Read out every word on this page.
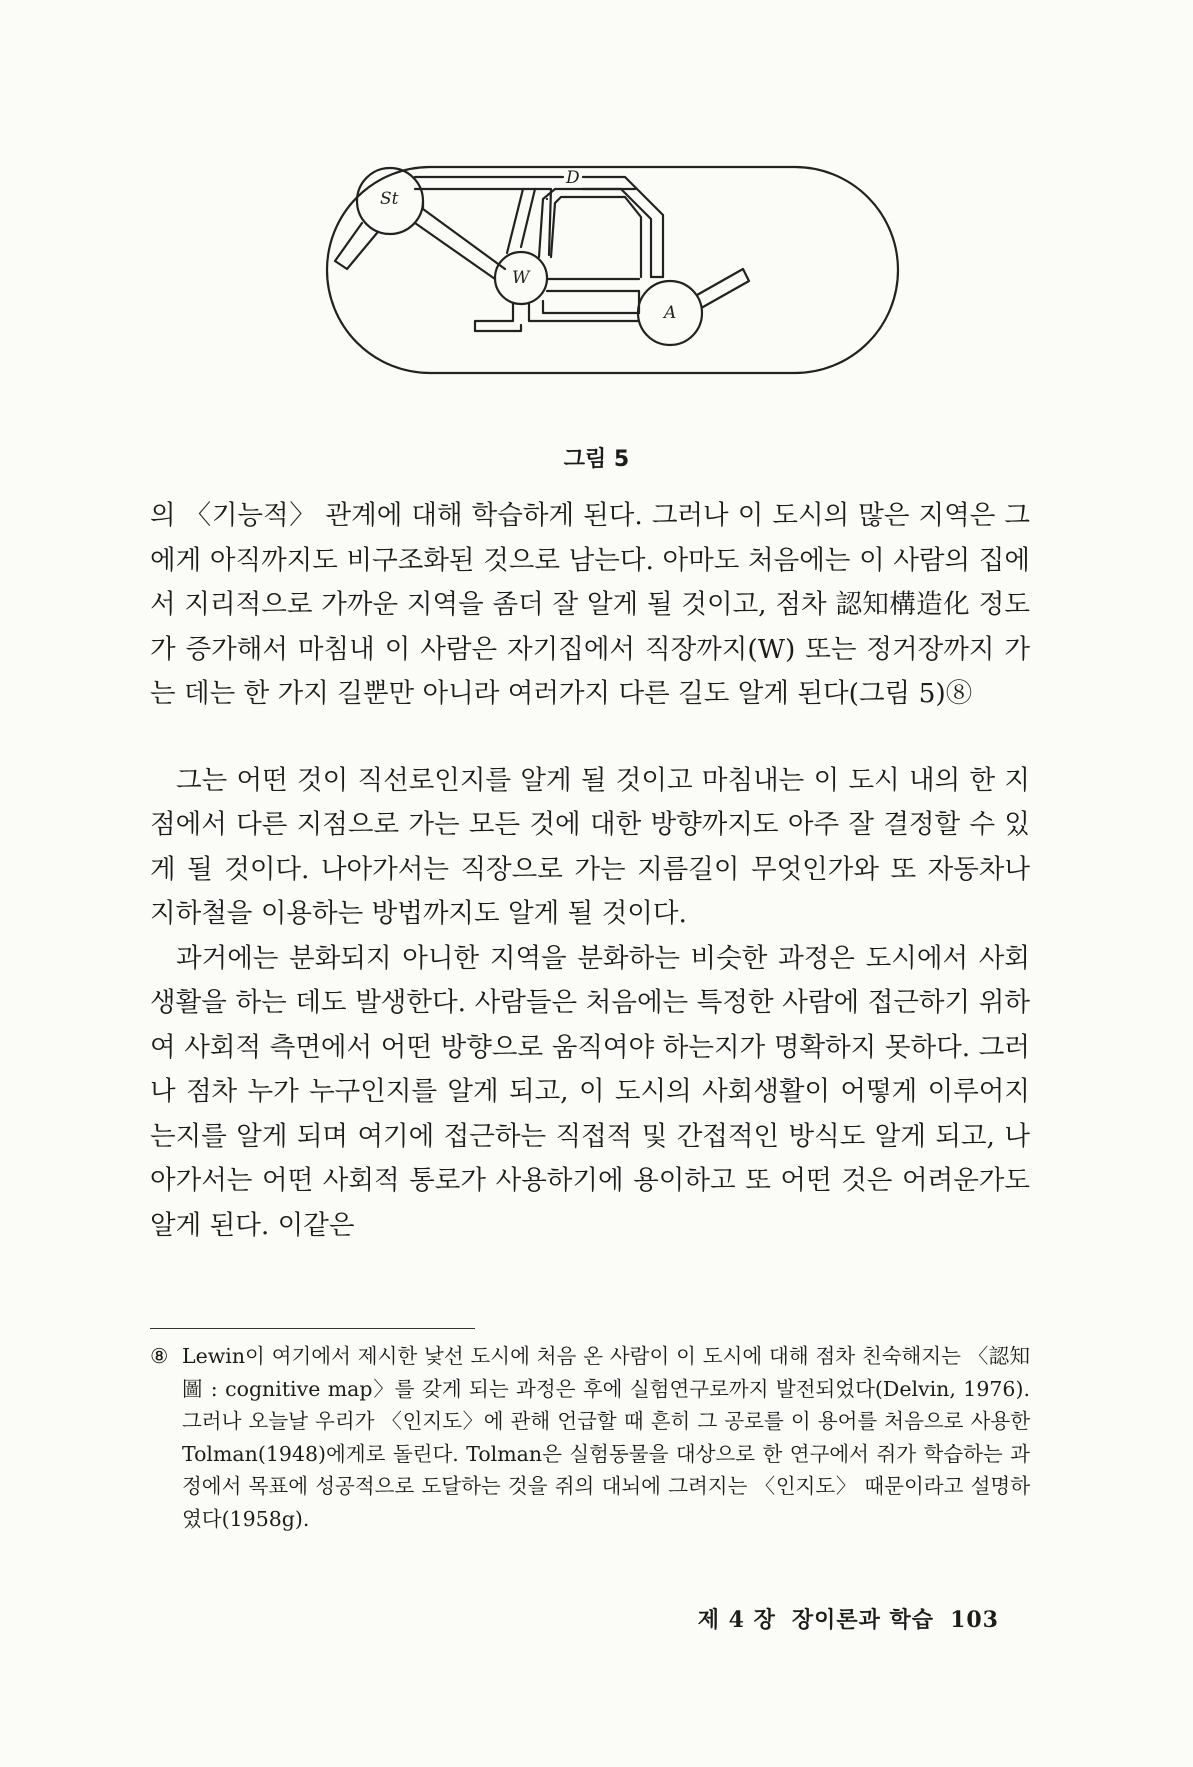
St
D
W
A
그림 5

의 〈기능적〉 관계에 대해 학습하게 된다. 그러나 이 도시의 많은 지역은 그에게 아직까지도 비구조화된 것으로 남는다. 아마도 처음에는 이 사람의 집에서 지리적으로 가까운 지역을 좀더 잘 알게 될 것이고, 점차 認知構造化 정도가 증가해서 마침내 이 사람은 자기집에서 직장까지(W) 또는 정거장까지 가는 데는 한 가지 길뿐만 아니라 여러가지 다른 길도 알게 된다(그림 5)⑧

그는 어떤 것이 직선로인지를 알게 될 것이고 마침내는 이 도시 내의 한 지점에서 다른 지점으로 가는 모든 것에 대한 방향까지도 아주 잘 결정할 수 있게 될 것이다. 나아가서는 직장으로 가는 지름길이 무엇인가와 또 자동차나 지하철을 이용하는 방법까지도 알게 될 것이다.

과거에는 분화되지 아니한 지역을 분화하는 비슷한 과정은 도시에서 사회생활을 하는 데도 발생한다. 사람들은 처음에는 특정한 사람에 접근하기 위하여 사회적 측면에서 어떤 방향으로 움직여야 하는지가 명확하지 못하다. 그러나 점차 누가 누구인지를 알게 되고, 이 도시의 사회생활이 어떻게 이루어지는지를 알게 되며 여기에 접근하는 직접적 및 간접적인 방식도 알게 되고, 나아가서는 어떤 사회적 통로가 사용하기에 용이하고 또 어떤 것은 어려운가도 알게 된다. 이같은

⑧ Lewin이 여기에서 제시한 낯선 도시에 처음 온 사람이 이 도시에 대해 점차 친숙해지는 〈認知圖 : cognitive map〉를 갖게 되는 과정은 후에 실험연구로까지 발전되었다(Delvin, 1976). 그러나 오늘날 우리가 〈인지도〉에 관해 언급할 때 흔히 그 공로를 이 용어를 처음으로 사용한 Tolman(1948)에게로 돌린다. Tolman은 실험동물을 대상으로 한 연구에서 쥐가 학습하는 과정에서 목표에 성공적으로 도달하는 것을 쥐의 대뇌에 그려지는 〈인지도〉 때문이라고 설명하였다(1958g).
제 4 장 장이론과 학습 103
